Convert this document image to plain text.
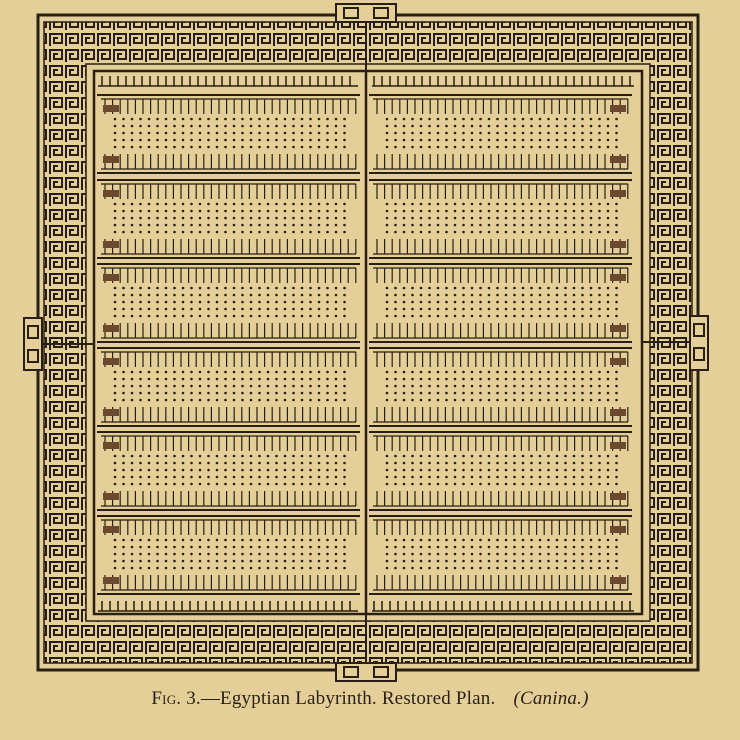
Fig. 3.—Egyptian Labyrinth. Restored Plan. (Canina.)
